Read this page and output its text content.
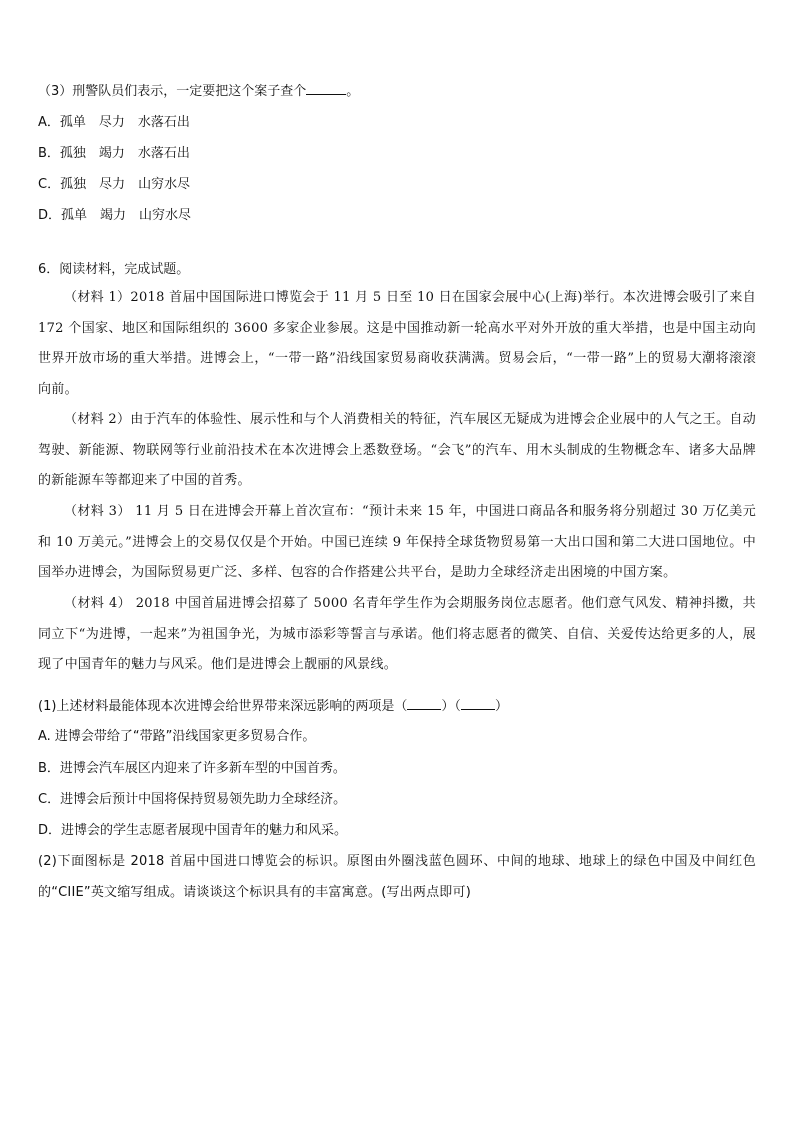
（3）刑警队员们表示，一定要把这个案子查个	。
A．孤单　尽力　水落石出
B．孤独　竭力　水落石出
C．孤独　尽力　山穷水尽
D．孤单　竭力　山穷水尽
6．阅读材料，完成试题。
（材料 1）2018 首届中国国际进口博览会于 11 月 5 日至 10 日在国家会展中心(上海)举行。本次进博会吸引了来自 172 个国家、地区和国际组织的 3600 多家企业参展。这是中国推动新一轮高水平对外开放的重大举措，也是中国主动向世界开放市场的重大举措。进博会上，“一带一路”沿线国家贸易商收获满满。贸易会后，“一带一路”上的贸易大潮将滚滚向前。
（材料 2）由于汽车的体验性、展示性和与个人消费相关的特征，汽车展区无疑成为进博会企业展中的人气之王。自动驾驶、新能源、物联网等行业前沿技术在本次进博会上悉数登场。“会飞”的汽车、用木头制成的生物概念车、诸多大品牌的新能源车等都迎来了中国的首秀。
（材料 3） 11 月 5 日在进博会开幕上首次宣布：“预计未来 15 年，中国进口商品各和服务将分别超过 30 万亿美元和 10 万美元。”进博会上的交易仅仅是个开始。中国已连续 9 年保持全球货物贸易第一大出口国和第二大进口国地位。中国举办进博会，为国际贸易更广泛、多样、包容的合作搭建公共平台，是助力全球经济走出困境的中国方案。
（材料 4） 2018 中国首届进博会招募了 5000 名青年学生作为会期服务岗位志愿者。他们意气风发、精神抖擞，共同立下“为进博，一起来”为祖国争光，为城市添彩等誓言与承诺。他们将志愿者的微笑、自信、关爱传达给更多的人，展现了中国青年的魅力与风采。他们是进博会上靓丽的风景线。
(1)上述材料最能体现本次进博会给世界带来深远影响的两项是（	）（	）
A. 进博会带给了“带路”沿线国家更多贸易合作。
B．进博会汽车展区内迎来了许多新车型的中国首秀。
C．进博会后预计中国将保持贸易领先助力全球经济。
D．进博会的学生志愿者展现中国青年的魅力和风采。
(2)下面图标是 2018 首届中国进口博览会的标识。原图由外圈浅蓝色圆环、中间的地球、地球上的绿色中国及中间红色的“CIIE”英文缩写组成。请谈谈这个标识具有的丰富寓意。(写出两点即可)
